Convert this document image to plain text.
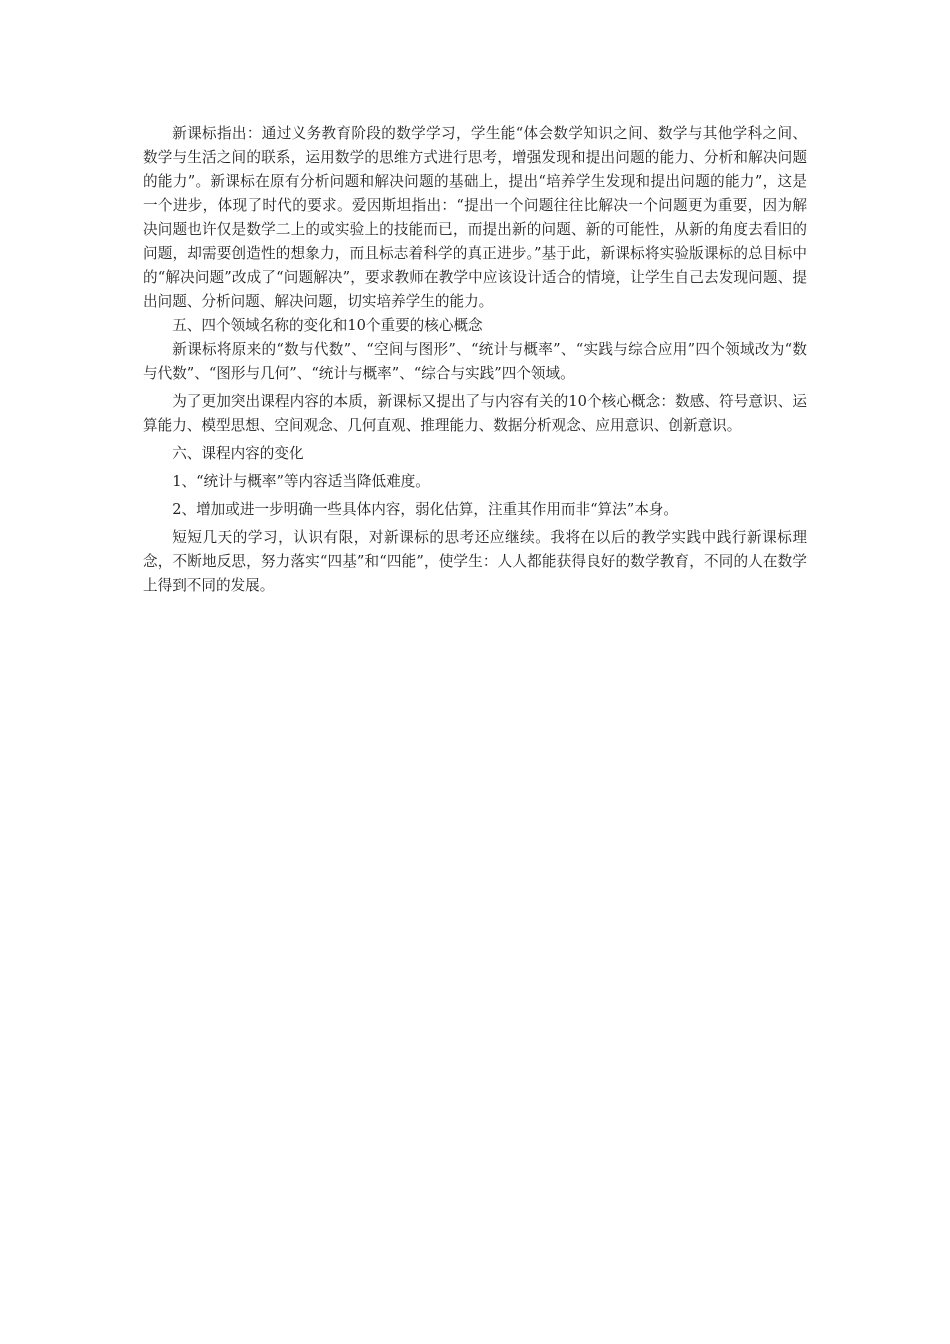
新课标指出：通过义务教育阶段的数学学习，学生能“体会数学知识之间、数学与其他学科之间、数学与生活之间的联系，运用数学的思维方式进行思考，增强发现和提出问题的能力、分析和解决问题的能力”。新课标在原有分析问题和解决问题的基础上，提出“培养学生发现和提出问题的能力”，这是一个进步，体现了时代的要求。爱因斯坦指出：“提出一个问题往往比解决一个问题更为重要，因为解决问题也许仅是数学二上的或实验上的技能而已，而提出新的问题、新的可能性，从新的角度去看旧的问题，却需要创造性的想象力，而且标志着科学的真正进步。”基于此，新课标将实验版课标的总目标中的“解决问题”改成了“问题解决”，要求教师在教学中应该设计适合的情境，让学生自己去发现问题、提出问题、分析问题、解决问题，切实培养学生的能力。

五、四个领域名称的变化和10个重要的核心概念

新课标将原来的“数与代数”、“空间与图形”、“统计与概率”、“实践与综合应用”四个领域改为“数与代数”、“图形与几何”、“统计与概率”、“综合与实践”四个领域。

为了更加突出课程内容的本质，新课标又提出了与内容有关的10个核心概念：数感、符号意识、运算能力、模型思想、空间观念、几何直观、推理能力、数据分析观念、应用意识、创新意识。

六、课程内容的变化

1、“统计与概率”等内容适当降低难度。

2、增加或进一步明确一些具体内容，弱化估算，注重其作用而非“算法”本身。

短短几天的学习，认识有限，对新课标的思考还应继续。我将在以后的教学实践中践行新课标理念，不断地反思，努力落实“四基”和“四能”，使学生：人人都能获得良好的数学教育，不同的人在数学上得到不同的发展。
